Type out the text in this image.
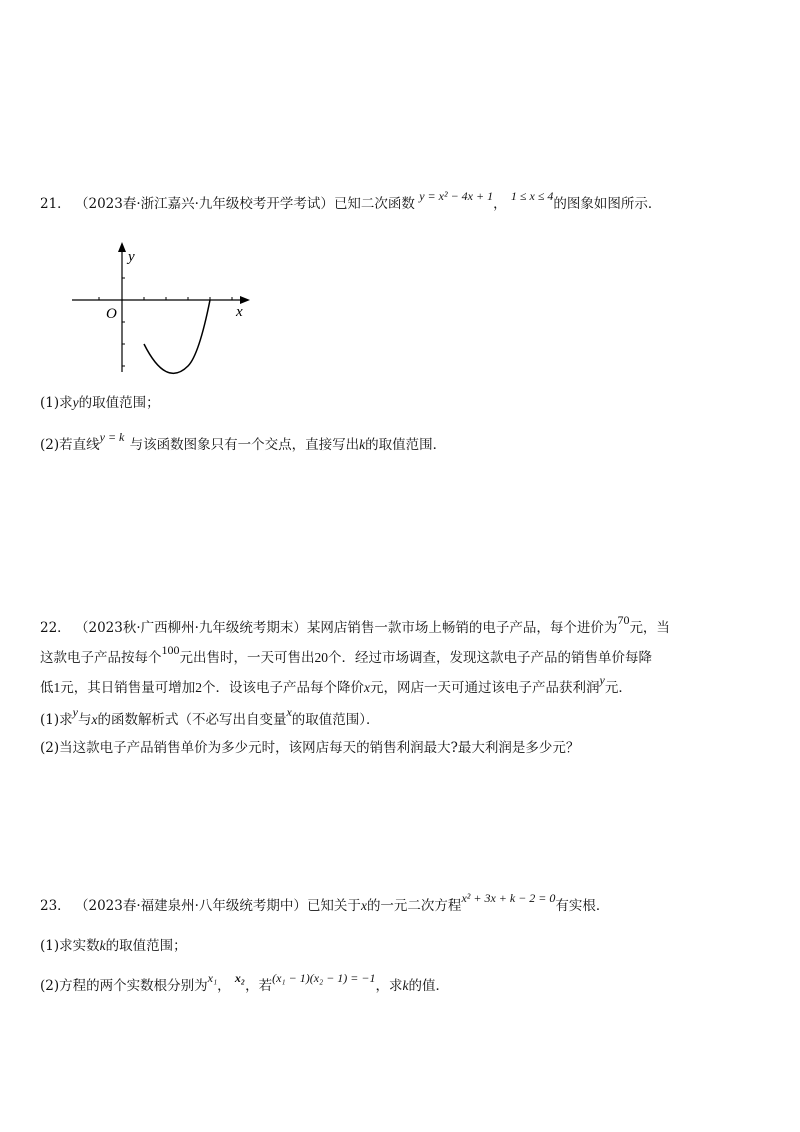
21． （2023春·浙江嘉兴·九年级校考开学考试）已知二次函数 y = x² − 4x + 1， 1 ≤ x ≤ 4的图象如图所示．
y
x
O
(1)求y的取值范围；
(2)若直线y = k 与该函数图象只有一个交点，直接写出k的取值范围．
22． （2023秋·广西柳州·九年级统考期末）某网店销售一款市场上畅销的电子产品，每个进价为70元，当
这款电子产品按每个100元出售时，一天可售出20个．经过市场调查，发现这款电子产品的销售单价每降
低1元，其日销售量可增加2个．设该电子产品每个降价x元，网店一天可通过该电子产品获利润y元．
(1)求y与x的函数解析式（不必写出自变量x的取值范围）．
(2)当这款电子产品销售单价为多少元时，该网店每天的销售利润最大?最大利润是多少元？
23． （2023春·福建泉州·八年级统考期中）已知关于x的一元二次方程x² + 3x + k − 2 = 0有实根．
(1)求实数k的取值范围；
(2)方程的两个实数根分别为x₁， x₂，若(x₁ − 1)(x₂ − 1) = −1，求k的值．
